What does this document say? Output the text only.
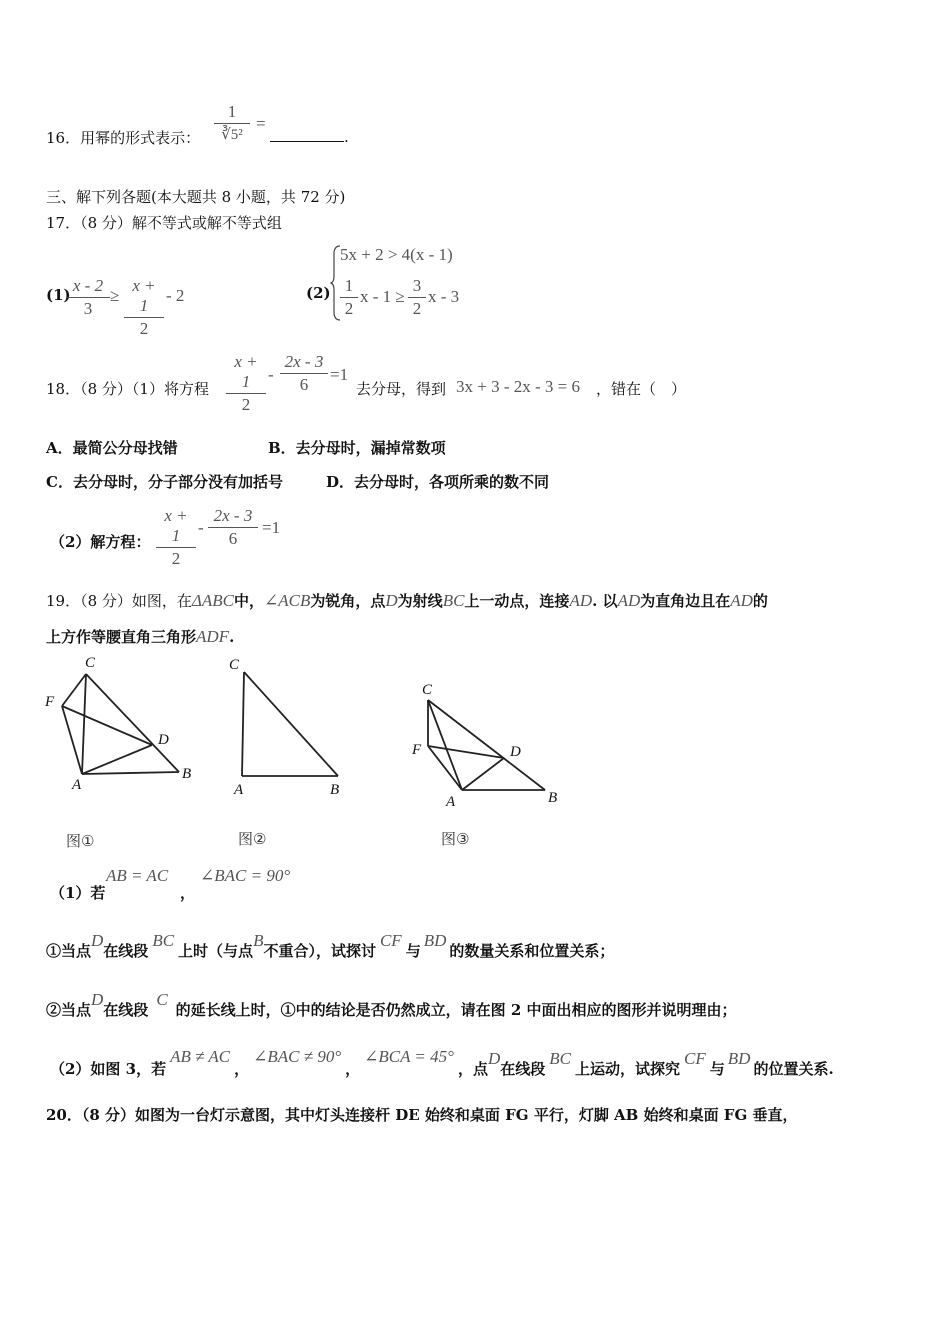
16．用幂的形式表示：
1
∛5²
=
.
三、解下列各题(本大题共 8 小题，共 72 分)
17．（8 分）解不等式或解不等式组
(1) x - 2
3
≥
x + 1
2
- 2	(2)
5x + 2 > 4(x - 1)
1
2
x - 1 ≥
3
2
x - 3
18．（8 分）（1）将方程
x + 1
2
-
2x - 3
6
=1
去分母，得到 3x + 3 - 2x - 3 = 6 ，错在（　）
A．最简公分母找错	B．去分母时，漏掉常数项
C．去分母时，分子部分没有加括号	D．去分母时，各项所乘的数不同
（2）解方程：
x + 1
2
-
2x - 3
6
=1
19．（8 分）如图，在ΔABC中，∠ACB为锐角，点D为射线BC上一动点，连接AD. 以AD为直角边且在AD的
上方作等腰直角三角形ADF.
C
F
D
A
B
图①
C
A	B
图②
C
F	D
A	B
图③
（1）若
AB = AC
，
∠BAC = 90°
①当点D在线段BC上时（与点B不重合），试探讨CF与BD的数量关系和位置关系；
②当点D在线段C的延长线上时，①中的结论是否仍然成立，请在图 2 中面出相应的图形并说明理由；
（2）如图 3，若AB ≠ AC，∠BAC ≠ 90°，∠BCA = 45°，点D在线段BC上运动，试探究CF与BD的位置关系.
20．（8 分）如图为一台灯示意图，其中灯头连接杆 DE 始终和桌面 FG 平行，灯脚 AB 始终和桌面 FG 垂直，
